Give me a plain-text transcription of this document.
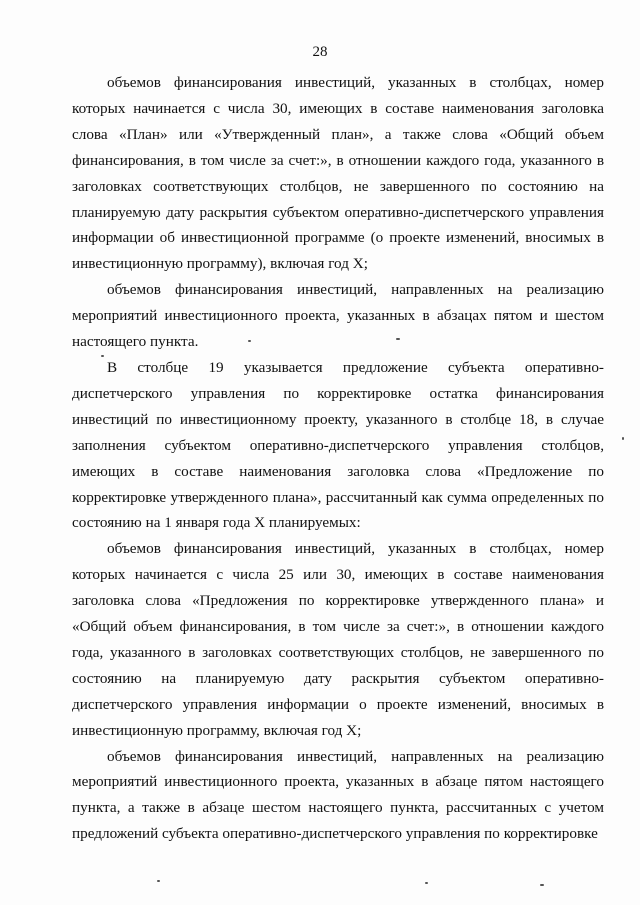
28

объемов финансирования инвестиций, указанных в столбцах, номер которых начинается с числа 30, имеющих в составе наименования заголовка слова «План» или «Утвержденный план», а также слова «Общий объем финансирования, в том числе за счет:», в отношении каждого года, указанного в заголовках соответствующих столбцов, не завершенного по состоянию на планируемую дату раскрытия субъектом оперативно-диспетчерского управления информации об инвестиционной программе (о проекте изменений, вносимых в инвестиционную программу), включая год X;

объемов финансирования инвестиций, направленных на реализацию мероприятий инвестиционного проекта, указанных в абзацах пятом и шестом настоящего пункта.

В столбце 19 указывается предложение субъекта оперативно-диспетчерского управления по корректировке остатка финансирования инвестиций по инвестиционному проекту, указанного в столбце 18, в случае заполнения субъектом оперативно-диспетчерского управления столбцов, имеющих в составе наименования заголовка слова «Предложение по корректировке утвержденного плана», рассчитанный как сумма определенных по состоянию на 1 января года X планируемых:

объемов финансирования инвестиций, указанных в столбцах, номер которых начинается с числа 25 или 30, имеющих в составе наименования заголовка слова «Предложения по корректировке утвержденного плана» и «Общий объем финансирования, в том числе за счет:», в отношении каждого года, указанного в заголовках соответствующих столбцов, не завершенного по состоянию на планируемую дату раскрытия субъектом оперативно-диспетчерского управления информации о проекте изменений, вносимых в инвестиционную программу, включая год X;

объемов финансирования инвестиций, направленных на реализацию мероприятий инвестиционного проекта, указанных в абзаце пятом настоящего пункта, а также в абзаце шестом настоящего пункта, рассчитанных с учетом предложений субъекта оперативно-диспетчерского управления по корректировке
